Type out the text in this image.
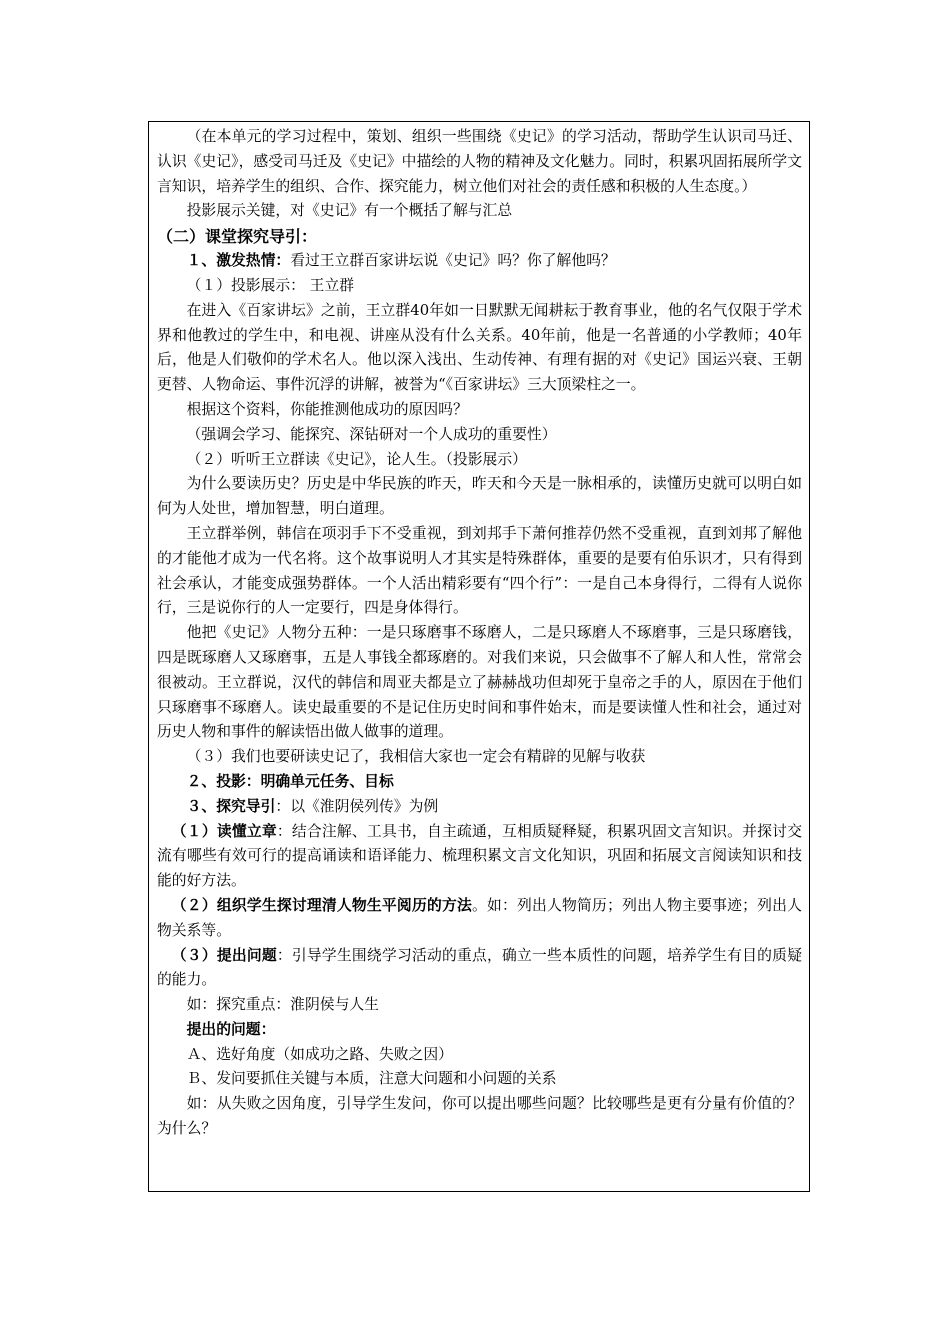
（在本单元的学习过程中，策划、组织一些围绕《史记》的学习活动，帮助学生认识司马迁、认识《史记》，感受司马迁及《史记》中描绘的人物的精神及文化魅力。同时，积累巩固拓展所学文言知识，培养学生的组织、合作、探究能力，树立他们对社会的责任感和积极的人生态度。）

投影展示关键，对《史记》有一个概括了解与汇总

（二）课堂探究导引：

１、激发热情：看过王立群百家讲坛说《史记》吗？你了解他吗？

（１）投影展示： 王立群

在进入《百家讲坛》之前，王立群40年如一日默默无闻耕耘于教育事业，他的名气仅限于学术界和他教过的学生中，和电视、讲座从没有什么关系。40年前，他是一名普通的小学教师；40年后，他是人们敬仰的学术名人。他以深入浅出、生动传神、有理有据的对《史记》国运兴衰、王朝更替、人物命运、事件沉浮的讲解，被誉为“《百家讲坛》三大顶梁柱之一。

根据这个资料，你能推测他成功的原因吗？

（强调会学习、能探究、深钻研对一个人成功的重要性）

（２）听听王立群读《史记》，论人生。（投影展示）

为什么要读历史？历史是中华民族的昨天，昨天和今天是一脉相承的，读懂历史就可以明白如何为人处世，增加智慧，明白道理。

王立群举例，韩信在项羽手下不受重视，到刘邦手下萧何推荐仍然不受重视，直到刘邦了解他的才能他才成为一代名将。这个故事说明人才其实是特殊群体，重要的是要有伯乐识才，只有得到社会承认，才能变成强势群体。一个人活出精彩要有“四个行”：一是自己本身得行，二得有人说你行，三是说你行的人一定要行，四是身体得行。

他把《史记》人物分五种：一是只琢磨事不琢磨人，二是只琢磨人不琢磨事，三是只琢磨钱，四是既琢磨人又琢磨事，五是人事钱全都琢磨的。对我们来说，只会做事不了解人和人性，常常会很被动。王立群说，汉代的韩信和周亚夫都是立了赫赫战功但却死于皇帝之手的人，原因在于他们只琢磨事不琢磨人。读史最重要的不是记住历史时间和事件始末，而是要读懂人性和社会，通过对历史人物和事件的解读悟出做人做事的道理。

（３）我们也要研读史记了，我相信大家也一定会有精辟的见解与收获

２、投影：明确单元任务、目标

３、探究导引：以《淮阴侯列传》为例

（１）读懂立章：结合注解、工具书，自主疏通，互相质疑释疑，积累巩固文言知识。并探讨交流有哪些有效可行的提高诵读和语译能力、梳理积累文言文化知识，巩固和拓展文言阅读知识和技能的好方法。

（２）组织学生探讨理清人物生平阅历的方法。如：列出人物简历；列出人物主要事迹；列出人物关系等。

（３）提出问题：引导学生围绕学习活动的重点，确立一些本质性的问题，培养学生有目的质疑的能力。

如：探究重点：淮阴侯与人生

提出的问题：

Ａ、选好角度（如成功之路、失败之因）

Ｂ、发问要抓住关键与本质，注意大问题和小问题的关系

如：从失败之因角度，引导学生发问，你可以提出哪些问题？比较哪些是更有分量有价值的？为什么？
